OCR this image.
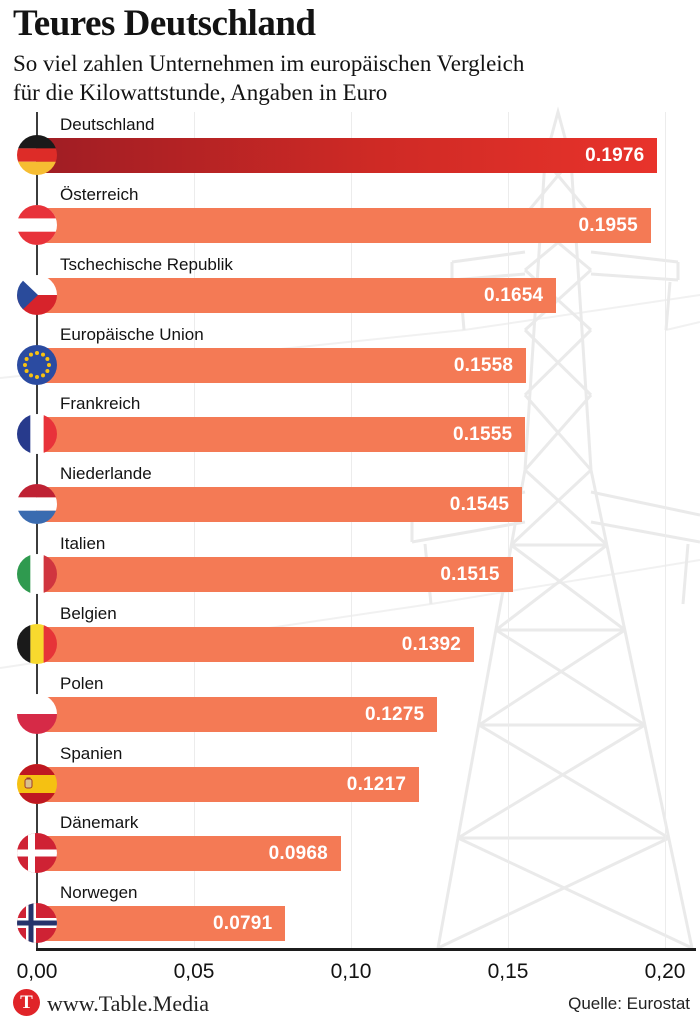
Teures Deutschland
So viel zahlen Unternehmen im europäischen Vergleich
für die Kilowattstunde, Angaben in Euro
Deutschland
0.1976
Österreich
0.1955
Tschechische Republik
0.1654
Europäische Union
0.1558
Frankreich
0.1555
Niederlande
0.1545
Italien
0.1515
Belgien
0.1392
Polen
0.1275
Spanien
0.1217
Dänemark
0.0968
Norwegen
0.0791
0,00	0,05	0,10	0,15	0,20
T www.Table.Media	Quelle: Eurostat
